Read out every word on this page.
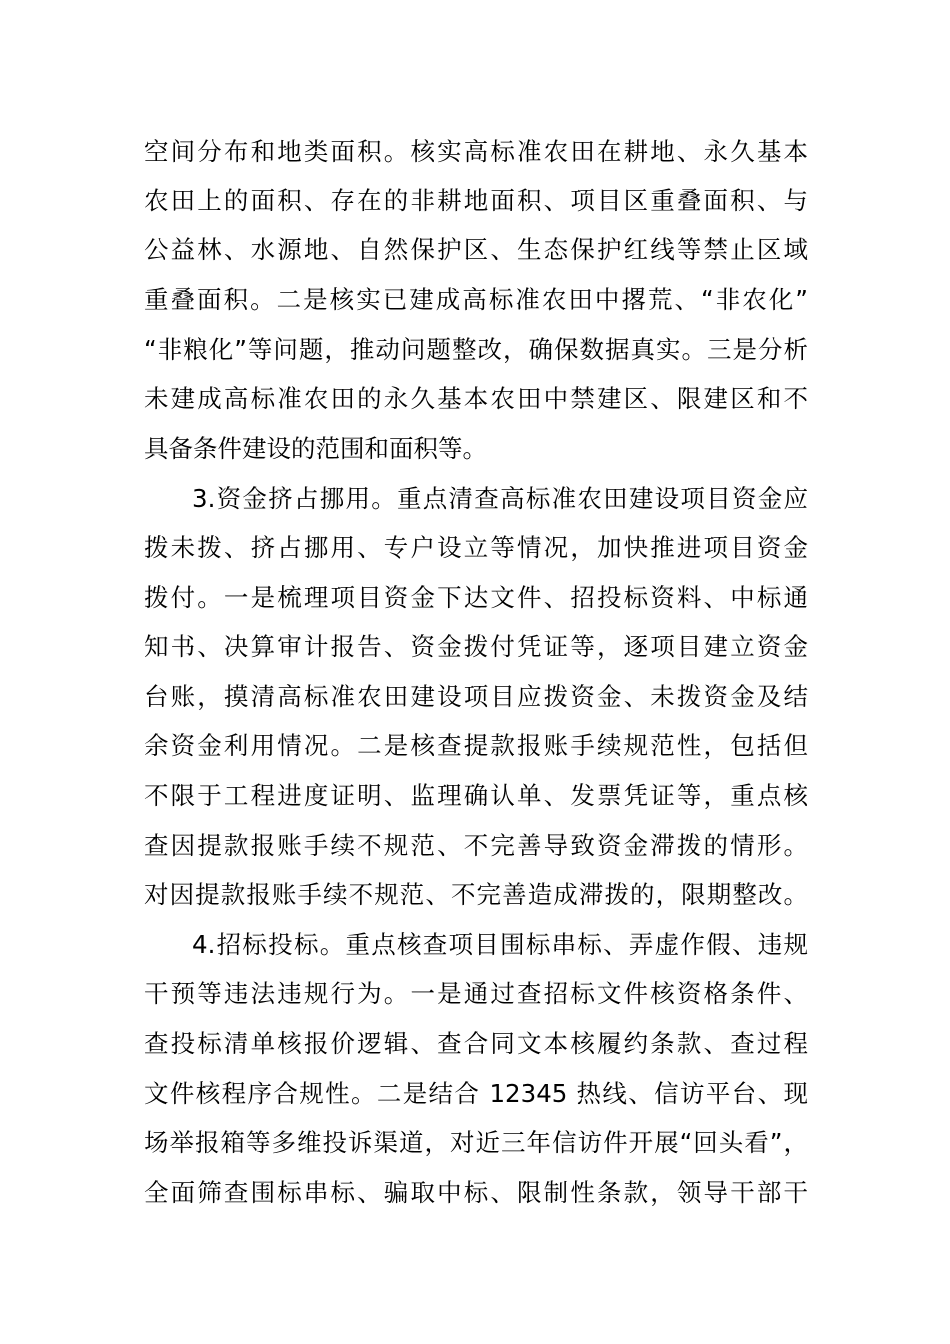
空间分布和地类面积。核实高标准农田在耕地、永久基本
农田上的面积、存在的非耕地面积、项目区重叠面积、与
公益林、水源地、自然保护区、生态保护红线等禁止区域
重叠面积。二是核实已建成高标准农田中撂荒、“非农化”
“非粮化”等问题，推动问题整改，确保数据真实。三是分析
未建成高标准农田的永久基本农田中禁建区、限建区和不
具备条件建设的范围和面积等。
3.资金挤占挪用。重点清查高标准农田建设项目资金应
拨未拨、挤占挪用、专户设立等情况，加快推进项目资金
拨付。一是梳理项目资金下达文件、招投标资料、中标通
知书、决算审计报告、资金拨付凭证等，逐项目建立资金
台账，摸清高标准农田建设项目应拨资金、未拨资金及结
余资金利用情况。二是核查提款报账手续规范性，包括但
不限于工程进度证明、监理确认单、发票凭证等，重点核
查因提款报账手续不规范、不完善导致资金滞拨的情形。
对因提款报账手续不规范、不完善造成滞拨的，限期整改。
4.招标投标。重点核查项目围标串标、弄虚作假、违规
干预等违法违规行为。一是通过查招标文件核资格条件、
查投标清单核报价逻辑、查合同文本核履约条款、查过程
文件核程序合规性。二是结合 12345 热线、信访平台、现
场举报箱等多维投诉渠道，对近三年信访件开展“回头看”，
全面筛查围标串标、骗取中标、限制性条款，领导干部干
